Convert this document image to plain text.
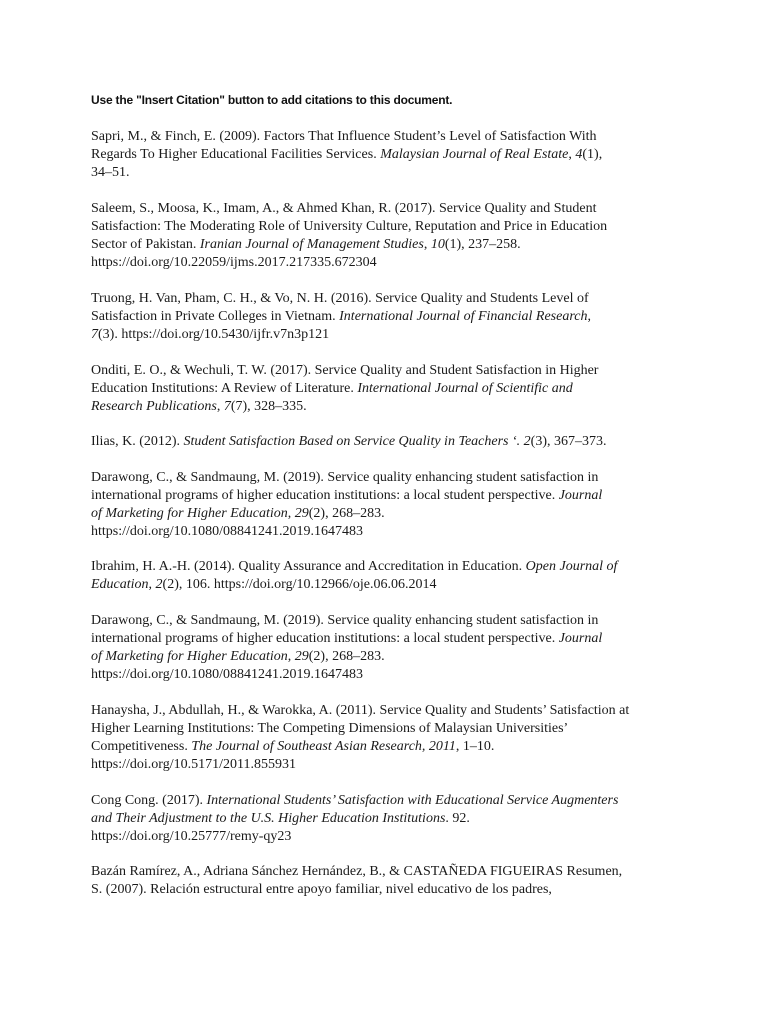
Use the "Insert Citation" button to add citations to this document.
Sapri, M., & Finch, E. (2009). Factors That Influence Student’s Level of Satisfaction With
Regards To Higher Educational Facilities Services. Malaysian Journal of Real Estate, 4(1),
34–51.
Saleem, S., Moosa, K., Imam, A., & Ahmed Khan, R. (2017). Service Quality and Student
Satisfaction: The Moderating Role of University Culture, Reputation and Price in Education
Sector of Pakistan. Iranian Journal of Management Studies, 10(1), 237–258.
https://doi.org/10.22059/ijms.2017.217335.672304
Truong, H. Van, Pham, C. H., & Vo, N. H. (2016). Service Quality and Students Level of
Satisfaction in Private Colleges in Vietnam. International Journal of Financial Research,
7(3). https://doi.org/10.5430/ijfr.v7n3p121
Onditi, E. O., & Wechuli, T. W. (2017). Service Quality and Student Satisfaction in Higher
Education Institutions: A Review of Literature. International Journal of Scientific and
Research Publications, 7(7), 328–335.
Ilias, K. (2012). Student Satisfaction Based on Service Quality in Teachers ‘. 2(3), 367–373.
Darawong, C., & Sandmaung, M. (2019). Service quality enhancing student satisfaction in
international programs of higher education institutions: a local student perspective. Journal
of Marketing for Higher Education, 29(2), 268–283.
https://doi.org/10.1080/08841241.2019.1647483
Ibrahim, H. A.-H. (2014). Quality Assurance and Accreditation in Education. Open Journal of
Education, 2(2), 106. https://doi.org/10.12966/oje.06.06.2014
Darawong, C., & Sandmaung, M. (2019). Service quality enhancing student satisfaction in
international programs of higher education institutions: a local student perspective. Journal
of Marketing for Higher Education, 29(2), 268–283.
https://doi.org/10.1080/08841241.2019.1647483
Hanaysha, J., Abdullah, H., & Warokka, A. (2011). Service Quality and Students’ Satisfaction at
Higher Learning Institutions: The Competing Dimensions of Malaysian Universities’
Competitiveness. The Journal of Southeast Asian Research, 2011, 1–10.
https://doi.org/10.5171/2011.855931
Cong Cong. (2017). International Students’ Satisfaction with Educational Service Augmenters
and Their Adjustment to the U.S. Higher Education Institutions. 92.
https://doi.org/10.25777/remy-qy23
Bazán Ramírez, A., Adriana Sánchez Hernández, B., & CASTAÑEDA FIGUEIRAS Resumen,
S. (2007). Relación estructural entre apoyo familiar, nivel educativo de los padres,
